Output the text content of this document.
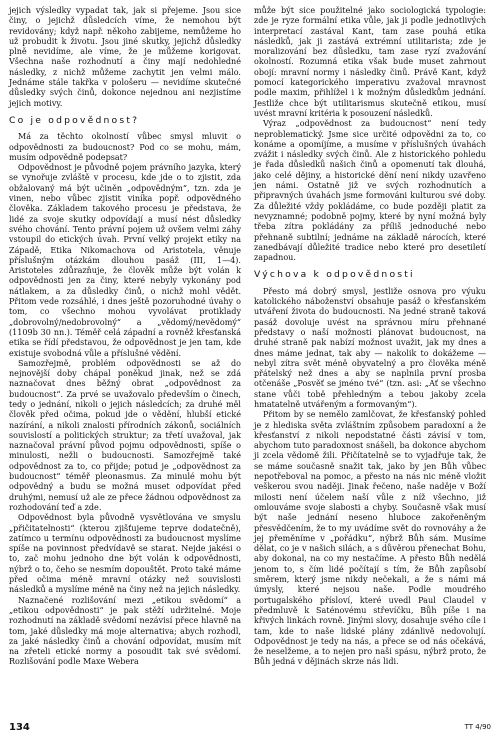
jejich výsledky vypadat tak, jak si přejeme. Jsou sice činy, o jejichž důsledcích víme, že nemohou být revidovány; když např. někoho zabijeme, nemůžeme ho už probudit k životu. Jsou jiné skutky, jejichž důsledky plně nevidíme, ale víme, že je můžeme korigovat. Všechna naše rozhodnutí a činy mají nedohledné následky, z nichž můžeme zachytit jen velmi málo. Jednáme stále takřka v pološeru — nevidíme skutečné důsledky svých činů, dokonce nejednou ani nezjistíme jejich motivy.

Co je odpovědnost?

Má za těchto okolností vůbec smysl mluvit o odpovědnosti za budoucnost? Pod co se mohu, mám, musím odpovědně podepsat?

Odpovědnost je původně pojem právního jazyka, který se vynořuje zvláště v procesu, kde jde o to zjistit, zda obžalovaný má být učiněn „odpovědným“, tzn. zda je vinen, nebo vůbec zjistit viníka popř. odpovědného člověka. Základem takového procesu je představa, že lidé za svoje skutky odpovídají a musí nést důsledky svého chování. Tento právní pojem už ovšem velmi záhy vstoupil do etických úvah. První velký projekt etiky na Západě, Etika Nikomachova od Aristotela, věnuje příslušným otázkám dlouhou pasáž (III, 1—4). Aristoteles zdůrazňuje, že člověk může být volán k odpovědnosti jen za činy, které nebyly vykonány pod nátlakem, a za důsledky činů, o nichž mohl vědět. Přitom vede rozsáhlé, i dnes ještě pozoruhodné úvahy o tom, co všechno mohou vyvolávat protiklady „dobrovolný/nedobrovolný“ a „vědomý/nevědomý“ (1109b 30 nn.). Téměř celá západní a rovněž křesťanská etika se řídí představou, že odpovědnost je jen tam, kde existuje svobodná vůle a příslušné vědění.

Samozřejmě, problém odpovědnosti se až do nejnovější doby chápal poněkud jinak, než se zdá naznačovat dnes běžný obrat „odpovědnost za budoucnost“. Za prvé se uvažovalo především o činech, tedy o jednání, nikoli o jejich následcích; za druhé měl člověk před očima, pokud jde o vědění, hlubší etické nazírání, a nikoli znalosti přírodních zákonů, sociálních souvislostí a politických struktur; za třetí uvažoval, jak naznačoval právní původ pojmu odpovědnosti, spíše o minulosti, nežli o budoucnosti. Samozřejmě také odpovědnost za to, co přijde; potud je „odpovědnost za budoucnost“ téměř pleonasmus. Za minulé mohu být odpovědný a budu se možná muset odpovídat před druhými, nemusí už ale ze přece žádnou odpovědnost za rozhodování teď a zde.

Odpovědnost byla původně vysvětlována ve smyslu „přičitatelnosti“ (kterou zjišťujeme teprve dodatečně), zatímco u termínu odpovědnosti za budoucnost myslíme spíše na povinnost předvídavě se starat. Nejde jakési o to, zač mohu jednoho dne být volán k odpovědnosti, nýbrž o to, čeho se nesmím dopouštět. Proto také máme před očima méně mravní otázky než souvislosti následků a myslíme méně na činy než na jejich následky.

Naznačené rozlišování mezi „etikou svědomí“ a „etikou odpovědnosti“ je pak stěží udržitelné. Moje rozhodnutí na základě svědomí nezávisí přece hlavně na tom, jaké důsledky má moje alternativa; abych rozhodl, za jaké následky činů a chování odpovídat, musím mít na zřeteli etické normy a posoudit tak své svědomí. Rozlišování podle Maxe Webera

může být sice použitelné jako sociologická typologie: zde je ryze formální etika vůle, jak ji podle jednotlivých interpretací zastával Kant, tam zase pouhá etika následků, jak ji zastává extrémní utilitarista; zde je moralizování bez důsledku, tam zase ryzí zvažování okolností. Rozumná etika však bude muset zahrnout obojí: mravní normy i následky činů. Právě Kant, když pomocí kategorického imperativu zvažoval mravnost podle maxim, přihlížel i k možným důsledkům jednání. Jestliže chce být utilitarismus skutečně etikou, musí uvést mravní kritéria k posouzení následků.

Výraz „odpovědnost za budoucnost“ není tedy neproblematický. Jsme sice určité odpovědni za to, co konáme a opomíjíme, a musíme v příslušných úvahách zvážit i následky svých činů. Ale z historického pohledu je řada důsledků našich činů a opomenutí tak dlouhá, jako celé dějiny, a historické dění není nikdy uzavřeno jen námi. Ostatně již ve svých rozhodnutích a připravných úvahách jsme formováni kulturou své doby. Za důležité vždy pokládáme, co bude později platit za nevyznamné; podobně pojmy, které by nyní možná byly třeba zítra pokládány za příliš jednoduché nebo přehnaně subtilní; jednáme na základě nárocích, které zanedbávají důležité tradice nebo které pro desetiletí zapadnou.

Výchova k odpovědnosti

Přesto má dobrý smysl, jestliže osnova pro výuku katolického náboženství obsahuje pasáž o křesťanském utváření života do budoucnosti. Na jedné straně taková pasáž dovoluje uvést na správnou míru přehnané představy o naší možnosti plánovat budoucnost, na druhé straně pak nabízí možnost uvažit, jak my dnes a dnes máme jednat, tak aby — nakolik to dokážeme — nebyl zítra svět méně obyvatelný a pro člověka méně přátelský než dnes a aby se naplnila první prosba otčenáše „Posvěť se jméno tvé“ (tzn. asi: „Ať se všechno stane vůči tobě přehledným a tebou jakoby zcela hmatatelně utvářeným a formovaným“).

Přitom by se nemělo zamlčovat, že křesťanský pohled je z hlediska světa zvláštním způsobem paradoxní a že křesťanství z nikoli nepodstatné části závisí v tom, abychom tuto paradoxnost snášeli, ba dokonce abychom ji zcela vědomě žili. Přičítatelně se to vyjadřuje tak, že se máme současně snažit tak, jako by jen Bůh vůbec nepotřeboval na pomoc, a přesto na nás nic méně vložit veškerou svou naději. Jinak řečeno, naše naděje v Boží milosti není účelem naší vůle z níž všechno, již omlouváme svoje slabosti a chyby. Současně však musí být naše jednání neseno hluboce zakořeněným přesvědčením, že to my uvádíme svět do rovnováhy a že jej přeměníme v „pořádku“, nýbrž Bůh sám. Musíme dělat, co je v našich silách, a s důvěrou přenechat Bohu, aby dokonal, na co my nestačíme. A přesto Bůh nedělá jenom to, s čím lidé počítají s tím, že Bůh zapůsobí směrem, který jsme nikdy nečekali, a že s námi má úmysly, které nejsou naše. Podle moudrého portugalského přísloví, které uvedl Paul Claudel v předmluvě k Saténovému střevíčku, Bůh píše i na křivých linkách rovně. Jinými slovy, dosahuje svého cíle i tam, kde to naše lidské plány zdánlivě nedovolují. Odpovědnost je tedy na nás, a přece se od nás očekává, že neselžeme, a to nejen pro naši spásu, nýbrž proto, že Bůh jedná v dějinách skrze nás lidi.

134	TT 4/90
